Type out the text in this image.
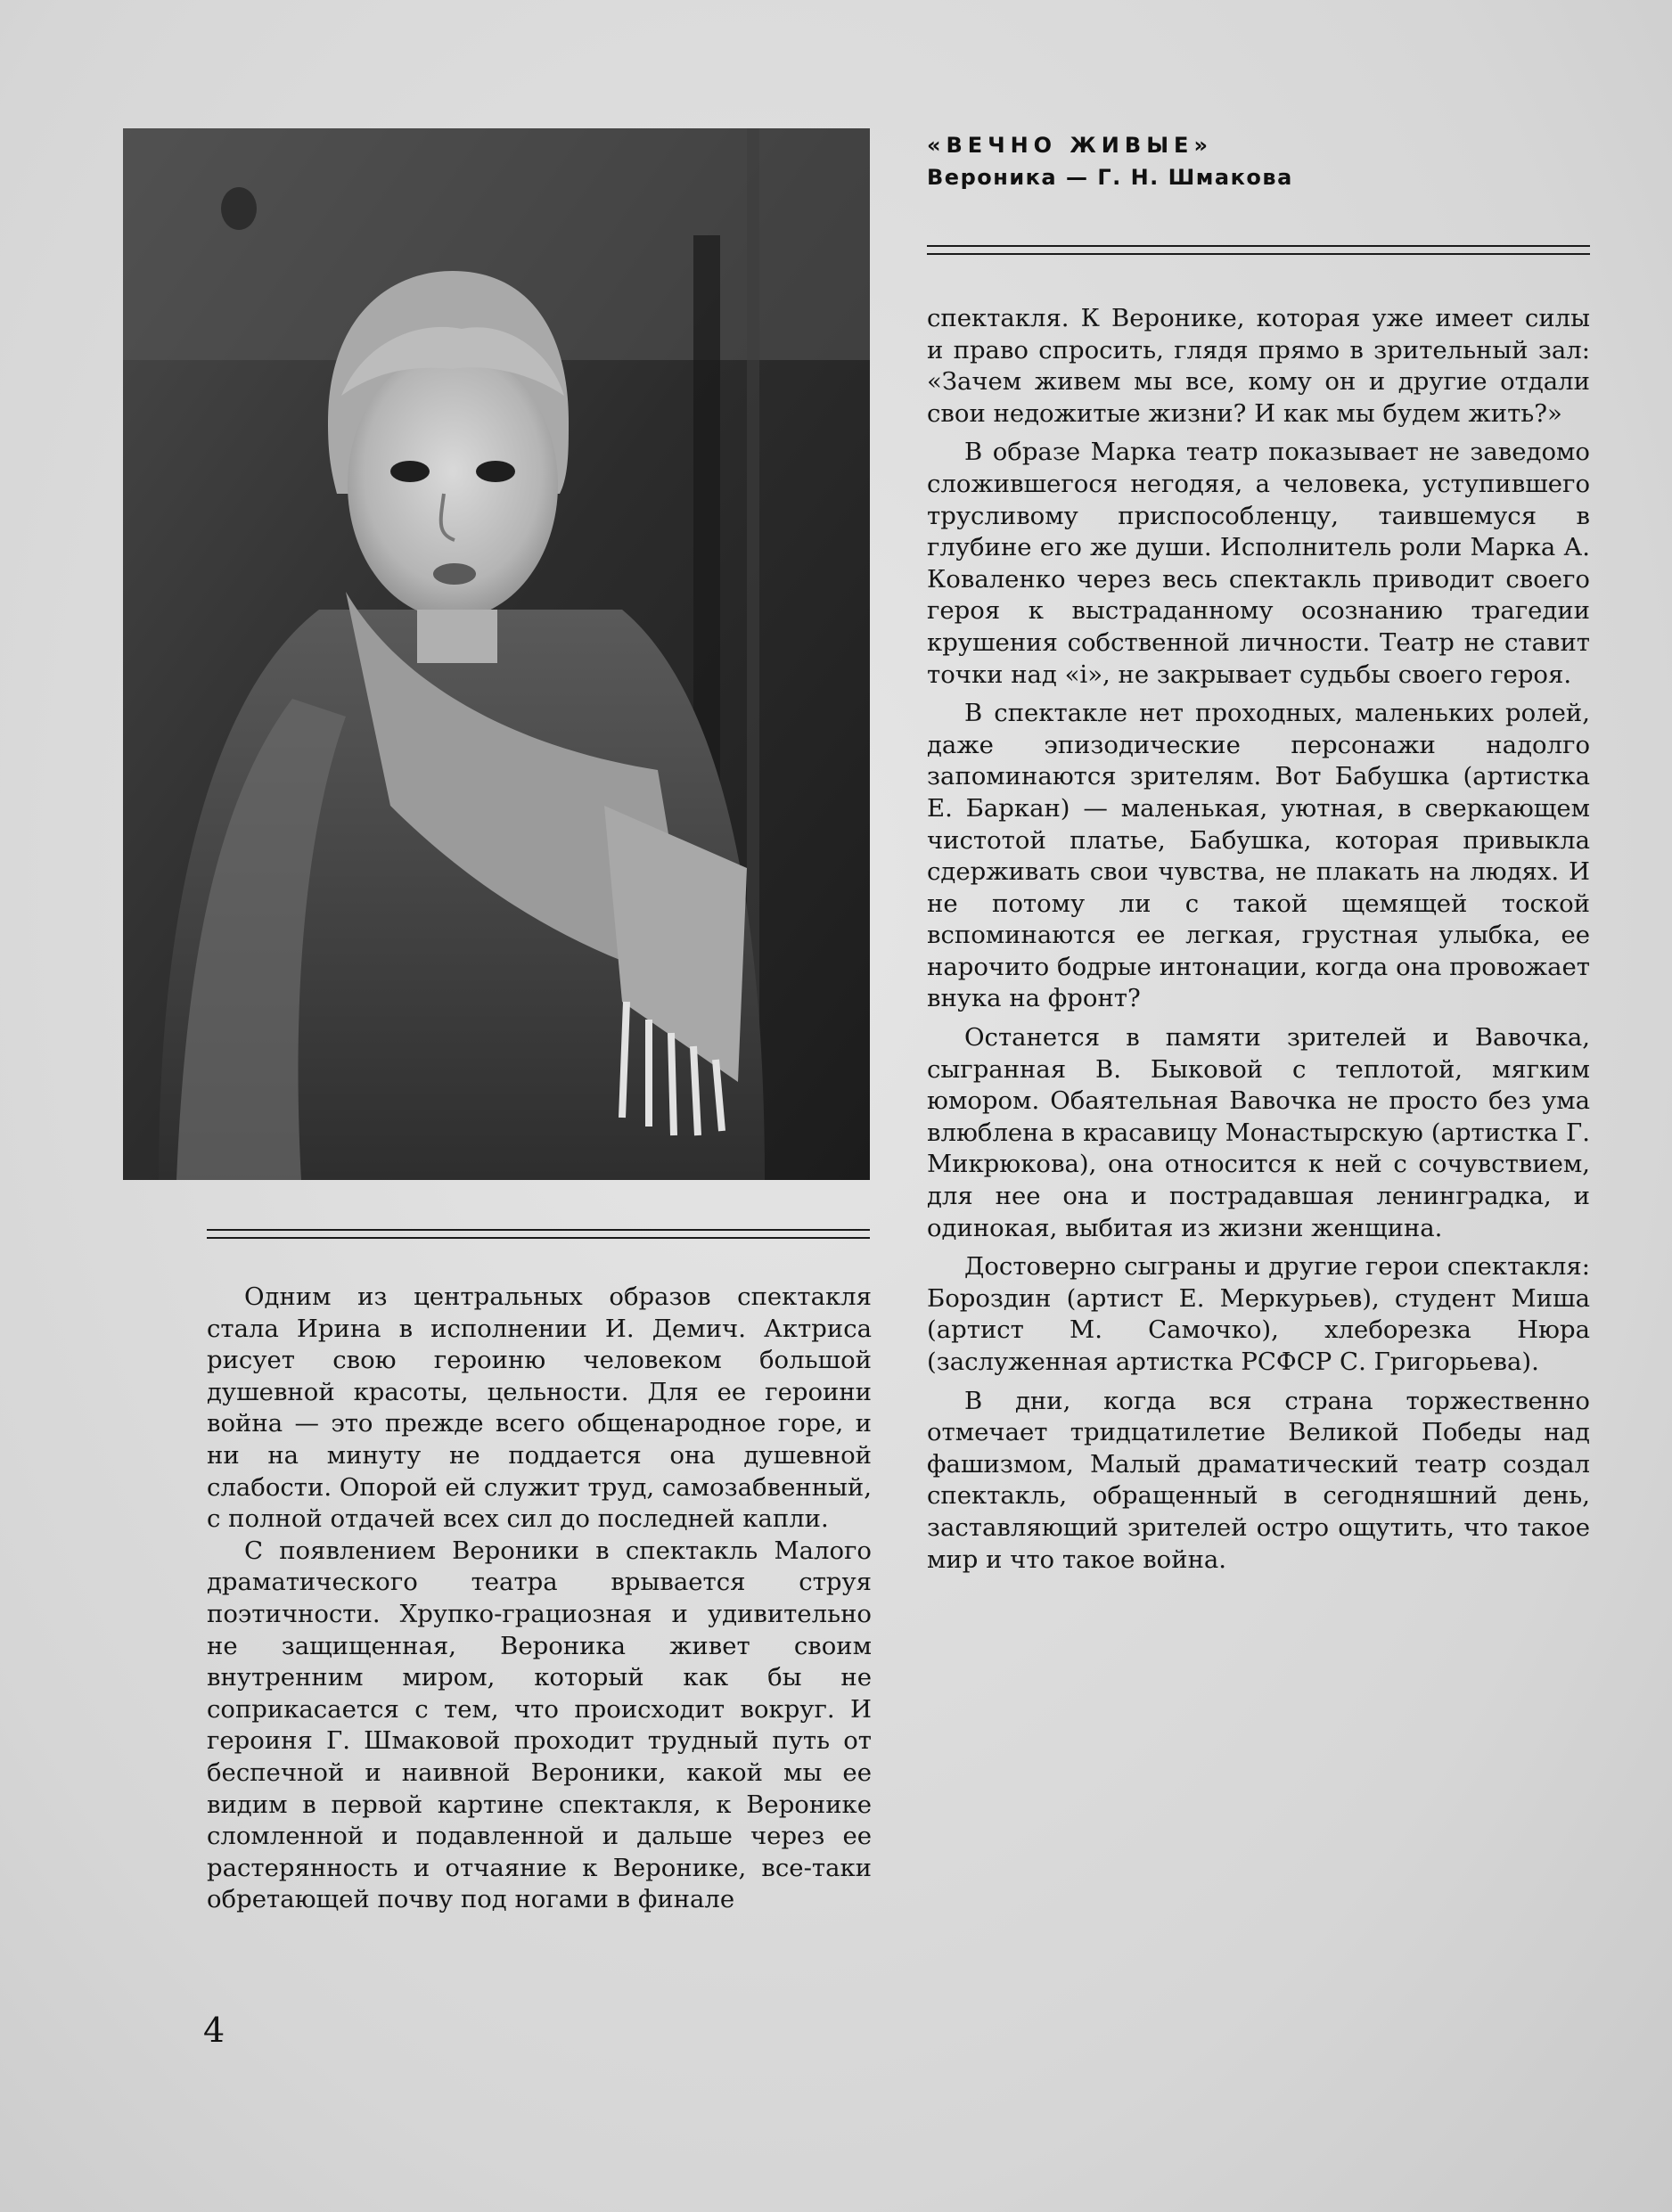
«ВЕЧНО ЖИВЫЕ»
Вероника — Г. Н. Шмакова

Одним из центральных образов спектакля стала Ирина в исполнении И. Демич. Актриса рисует свою героиню человеком большой душевной красоты, цельности. Для ее героини война — это прежде всего общенародное горе, и ни на минуту не поддается она душевной слабости. Опорой ей служит труд, самозабвенный, с полной отдачей всех сил до последней капли.

С появлением Вероники в спектакль Малого драматического театра врывается струя поэтичности. Хрупко-грациозная и удивительно не защищенная, Вероника живет своим внутренним миром, который как бы не соприкасается с тем, что происходит вокруг. И героиня Г. Шмаковой проходит трудный путь от беспечной и наивной Вероники, какой мы ее видим в первой картине спектакля, к Веронике сломленной и подавленной и дальше через ее растерянность и отчаяние к Веронике, все-таки обретающей почву под ногами в финале

спектакля. К Веронике, которая уже имеет силы и право спросить, глядя прямо в зрительный зал: «Зачем живем мы все, кому он и другие отдали свои недожитые жизни? И как мы будем жить?»

В образе Марка театр показывает не заведомо сложившегося негодяя, а человека, уступившего трусливому приспособленцу, таившемуся в глубине его же души. Исполнитель роли Марка А. Коваленко через весь спектакль приводит своего героя к выстраданному осознанию трагедии крушения собственной личности. Театр не ставит точки над «i», не закрывает судьбы своего героя.

В спектакле нет проходных, маленьких ролей, даже эпизодические персонажи надолго запоминаются зрителям. Вот Бабушка (артистка Е. Баркан) — маленькая, уютная, в сверкающем чистотой платье, Бабушка, которая привыкла сдерживать свои чувства, не плакать на людях. И не потому ли с такой щемящей тоской вспоминаются ее легкая, грустная улыбка, ее нарочито бодрые интонации, когда она провожает внука на фронт?

Останется в памяти зрителей и Вавочка, сыгранная В. Быковой с теплотой, мягким юмором. Обаятельная Вавочка не просто без ума влюблена в красавицу Монастырскую (артистка Г. Микрюкова), она относится к ней с сочувствием, для нее она и пострадавшая ленинградка, и одинокая, выбитая из жизни женщина.

Достоверно сыграны и другие герои спектакля: Бороздин (артист Е. Меркурьев), студент Миша (артист М. Самочко), хлеборезка Нюра (заслуженная артистка РСФСР С. Григорьева).

В дни, когда вся страна торжественно отмечает тридцатилетие Великой Победы над фашизмом, Малый драматический театр создал спектакль, обращенный в сегодняшний день, заставляющий зрителей остро ощутить, что такое мир и что такое война.

4
